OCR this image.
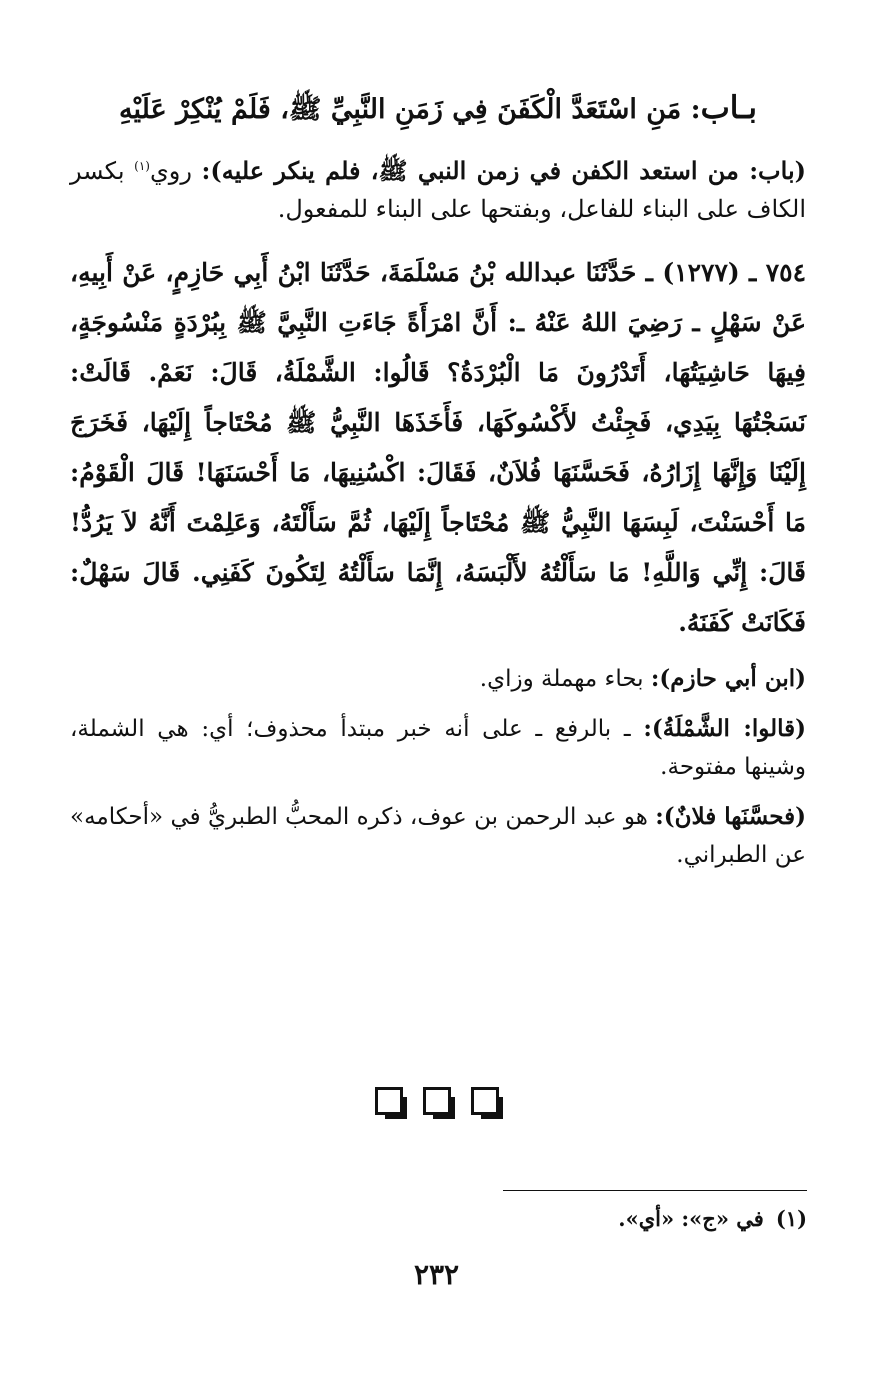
بـاب: مَنِ اسْتَعَدَّ الْكَفَنَ فِي زَمَنِ النَّبِيِّ ﷺ، فَلَمْ يُنْكِرْ عَلَيْهِ

(باب: من استعد الكفن في زمن النبي ﷺ، فلم ينكر عليه): روي$^{(١)}$ بكسر الكاف على البناء للفاعل، وبفتحها على البناء للمفعول.

٧٥٤ ـ (١٢٧٧) ـ حَدَّثَنَا عبدالله بْنُ مَسْلَمَةَ، حَدَّثَنَا ابْنُ أَبِي حَازِمٍ، عَنْ أَبِيهِ، عَنْ سَهْلٍ ـ رَضِيَ اللهُ عَنْهُ ـ: أَنَّ امْرَأَةً جَاءَتِ النَّبِيَّ ﷺ بِبُرْدَةٍ مَنْسُوجَةٍ، فِيهَا حَاشِيَتُهَا، أَتَدْرُونَ مَا الْبُرْدَةُ؟ قَالُوا: الشَّمْلَةُ، قَالَ: نَعَمْ. قَالَتْ: نَسَجْتُهَا بِيَدِي، فَجِئْتُ لأَكْسُوكَهَا، فَأَخَذَهَا النَّبِيُّ ﷺ مُحْتَاجاً إِلَيْهَا، فَخَرَجَ إِلَيْنَا وَإِنَّهَا إِزَارُهُ، فَحَسَّنَهَا فُلاَنٌ، فَقَالَ: اكْسُنِيهَا، مَا أَحْسَنَهَا! قَالَ الْقَوْمُ: مَا أَحْسَنْتَ، لَبِسَهَا النَّبِيُّ ﷺ مُحْتَاجاً إِلَيْهَا، ثُمَّ سَأَلْتَهُ، وَعَلِمْتَ أَنَّهُ لاَ يَرُدُّ! قَالَ: إِنِّي وَاللَّهِ! مَا سَأَلْتُهُ لأَلْبَسَهُ، إِنَّمَا سَأَلْتُهُ لِتَكُونَ كَفَنِي. قَالَ سَهْلٌ: فَكَانَتْ كَفَنَهُ.

(ابن أبي حازم): بحاء مهملة وزاي.

(قالوا: الشَّمْلَةُ): ـ بالرفع ـ على أنه خبر مبتدأ محذوف؛ أي: هي الشملة، وشينها مفتوحة.

(فحسَّنَها فلانٌ): هو عبد الرحمن بن عوف، ذكره المحبُّ الطبريُّ في «أحكامه» عن الطبراني.

(١)في «ج»: «أي».
٢٣٢
